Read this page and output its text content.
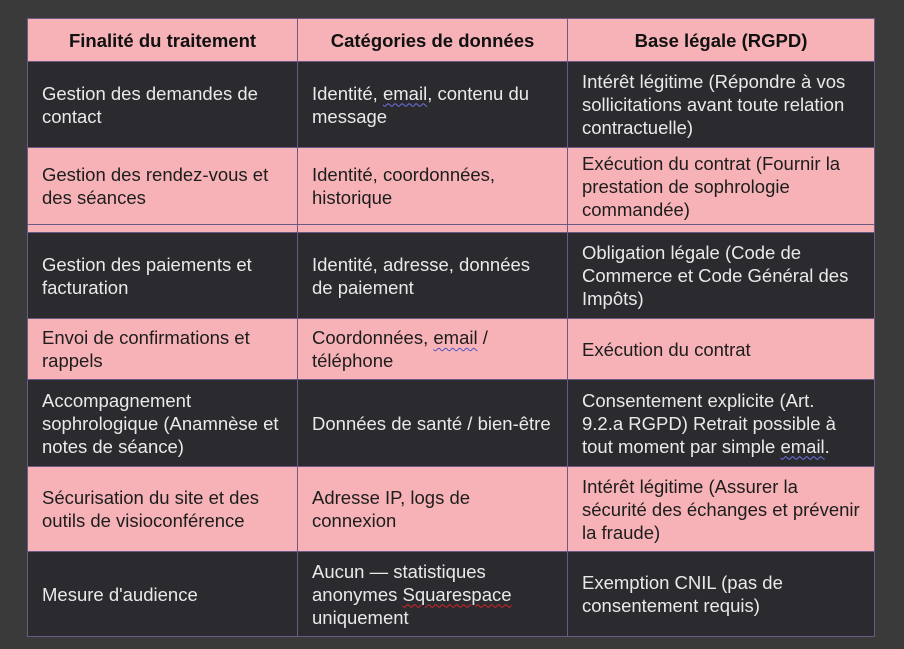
Finalité du traitement	Catégories de données	Base légale (RGPD)
Gestion des demandes de contact	Identité, email, contenu du message	Intérêt légitime (Répondre à vos sollicitations avant toute relation contractuelle)
Gestion des rendez-vous et des séances	Identité, coordonnées, historique	Exécution du contrat (Fournir la prestation de sophrologie commandée)

Gestion des paiements et facturation	Identité, adresse, données de paiement	Obligation légale (Code de Commerce et Code Général des Impôts)
Envoi de confirmations et rappels	Coordonnées, email / téléphone	Exécution du contrat
Accompagnement sophrologique (Anamnèse et notes de séance)	Données de santé / bien-être	Consentement explicite (Art. 9.2.a RGPD) Retrait possible à tout moment par simple email.
Sécurisation du site et des outils de visioconférence	Adresse IP, logs de connexion	Intérêt légitime (Assurer la sécurité des échanges et prévenir la fraude)
Mesure d'audience	Aucun — statistiques anonymes Squarespace uniquement	Exemption CNIL (pas de consentement requis)
